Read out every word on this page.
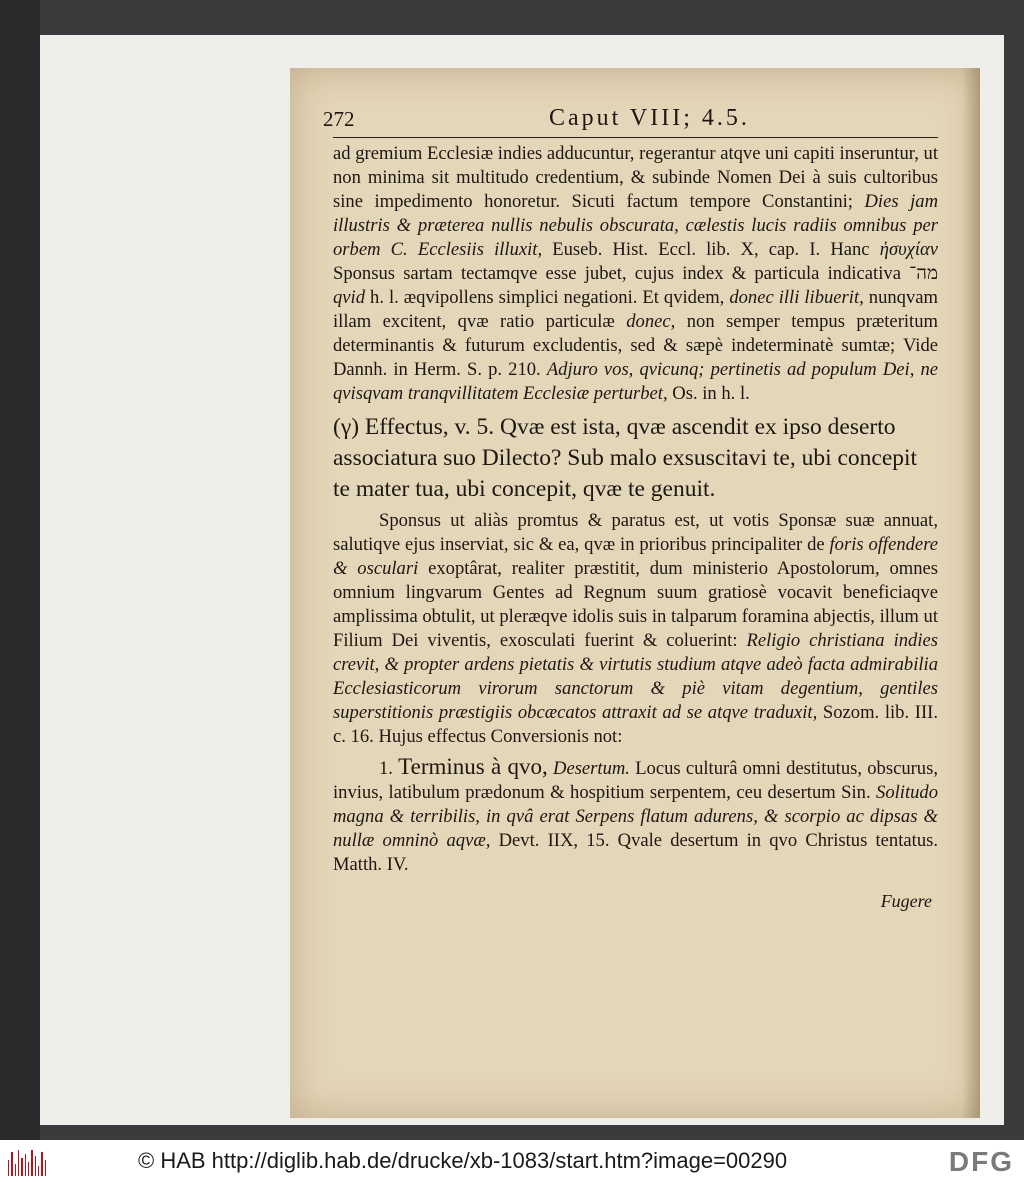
272	Caput VIII; 4.5.

ad gremium Ecclesiæ indies adducuntur, regerantur atqve uni capiti inseruntur, ut non minima sit multitudo credentium, & subinde Nomen Dei à suis cultoribus sine impedimento honoretur. Sicuti factum tempore Constantini; Dies jam illustris & præterea nullis nebulis obscurata, cælestis lucis radiis omnibus per orbem C. Ecclesiis illuxit, Euseb. Hist. Eccl. lib. X, cap. I. Hanc ἡσυχίαν Sponsus sartam tectamqve esse jubet, cujus index & particula indicativa מה־ qvid h. l. æqvipollens simplici negationi. Et qvidem, donec illi libuerit, nunqvam illam excitent, qvæ ratio particulæ donec, non semper tempus præteritum determinantis & futurum excludentis, sed & sæpè indeterminatè sumtæ; Vide Dannh. in Herm. S. p. 210. Adjuro vos, qvicunq; pertinetis ad populum Dei, ne qvisqvam tranqvillitatem Ecclesiæ perturbet, Os. in h. l.

(γ) Effectus, v. 5. Qvæ est ista, qvæ ascendit ex ipso deserto associatura suo Dilecto? Sub malo exsuscitavi te, ubi concepit te mater tua, ubi concepit, qvæ te genuit.

Sponsus ut aliàs promtus & paratus est, ut votis Sponsæ suæ annuat, salutiqve ejus inserviat, sic & ea, qvæ in prioribus principaliter de foris offendere & osculari exoptârat, realiter præstitit, dum ministerio Apostolorum, omnes omnium lingvarum Gentes ad Regnum suum gratiosè vocavit beneficiaqve amplissima obtulit, ut pleræqve idolis suis in talparum foramina abjectis, illum ut Filium Dei viventis, exosculati fuerint & coluerint: Religio christiana indies crevit, & propter ardens pietatis & virtutis studium atqve adeò facta admirabilia Ecclesiasticorum virorum sanctorum & piè vitam degentium, gentiles superstitionis præstigiis obcæcatos attraxit ad se atqve traduxit, Sozom. lib. III. c. 16. Hujus effectus Conversionis not:

1. Terminus à qvo, Desertum. Locus culturâ omni destitutus, obscurus, invius, latibulum prædonum & hospitium serpentem, ceu desertum Sin. Solitudo magna & terribilis, in qvâ erat Serpens flatum adurens, & scorpio ac dipsas & nullæ omninò aqvæ, Devt. IIX, 15. Qvale desertum in qvo Christus tentatus. Matth. IV.

Fugere
© HAB http://diglib.hab.de/drucke/xb-1083/start.htm?image=00290	DFG
